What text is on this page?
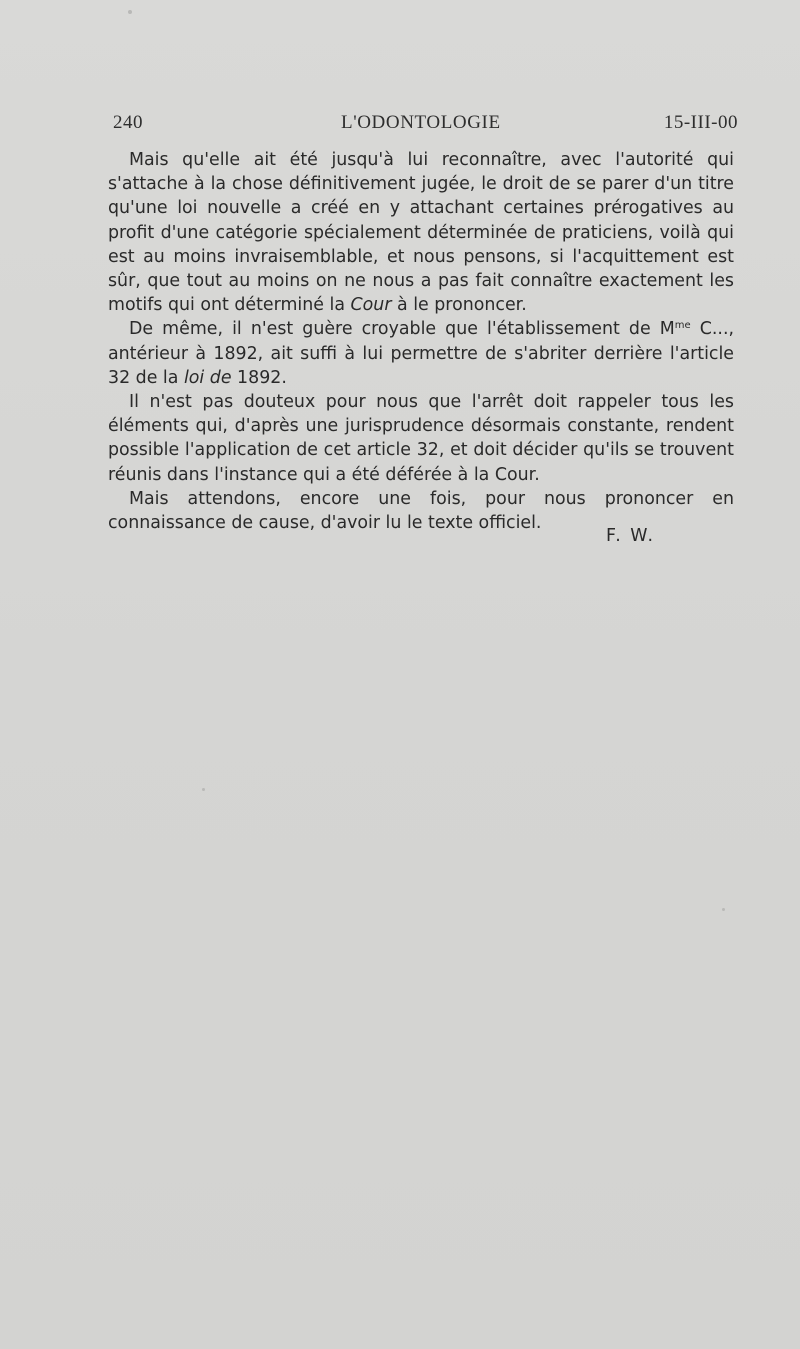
240	L'ODONTOLOGIE	15-III-00

Mais qu'elle ait été jusqu'à lui reconnaître, avec l'autorité qui s'attache à la chose définitivement jugée, le droit de se parer d'un titre qu'une loi nouvelle a créé en y attachant certaines prérogatives au profit d'une catégorie spécialement déterminée de praticiens, voilà qui est au moins invraisemblable, et nous pensons, si l'acquittement est sûr, que tout au moins on ne nous a pas fait connaître exactement les motifs qui ont déterminé la Cour à le prononcer.

De même, il n'est guère croyable que l'établissement de $M^{me}$ C..., antérieur à 1892, ait suffi à lui permettre de s'abriter derrière l'article 32 de la loi de 1892.

Il n'est pas douteux pour nous que l'arrêt doit rappeler tous les éléments qui, d'après une jurisprudence désormais constante, rendent possible l'application de cet article 32, et doit décider qu'ils se trouvent réunis dans l'instance qui a été déférée à la Cour.

Mais attendons, encore une fois, pour nous prononcer en connaissance de cause, d'avoir lu le texte officiel.

F. W.
